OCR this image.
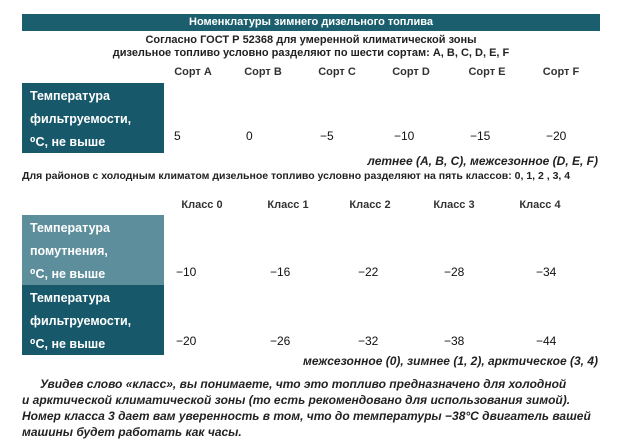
Номенклатуры зимнего дизельного топлива
Согласно ГОСТ Р 52368 для умеренной климатической зоны
дизельное топливо условно разделяют по шести сортам: A, B, C, D, E, F
Сорт A	Сорт B	Сорт C	Сорт D	Сорт E	Сорт F
Температура
фильтруемости,
⁰C, не выше	5	0	−5	−10	−15	−20
летнее (A, B, C), межсезонное (D, E, F)
Для районов с холодным климатом дизельное топливо условно разделяют на пять классов: 0, 1, 2 , 3, 4
Класс 0	Класс 1	Класс 2	Класс 3	Класс 4
Температура
помутнения,
⁰C, не выше	−10	−16	−22	−28	−34
Температура
фильтруемости,
⁰C, не выше	−20	−26	−32	−38	−44
межсезонное (0), зимнее (1, 2), арктическое (3, 4)
Увидев слово «класс», вы понимаете, что это топливо предназначено для холодной
и арктической климатической зоны (то есть рекомендовано для использования зимой).
Номер класса 3 дает вам уверенность в том, что до температуры −38°С двигатель вашей
машины будет работать как часы.
